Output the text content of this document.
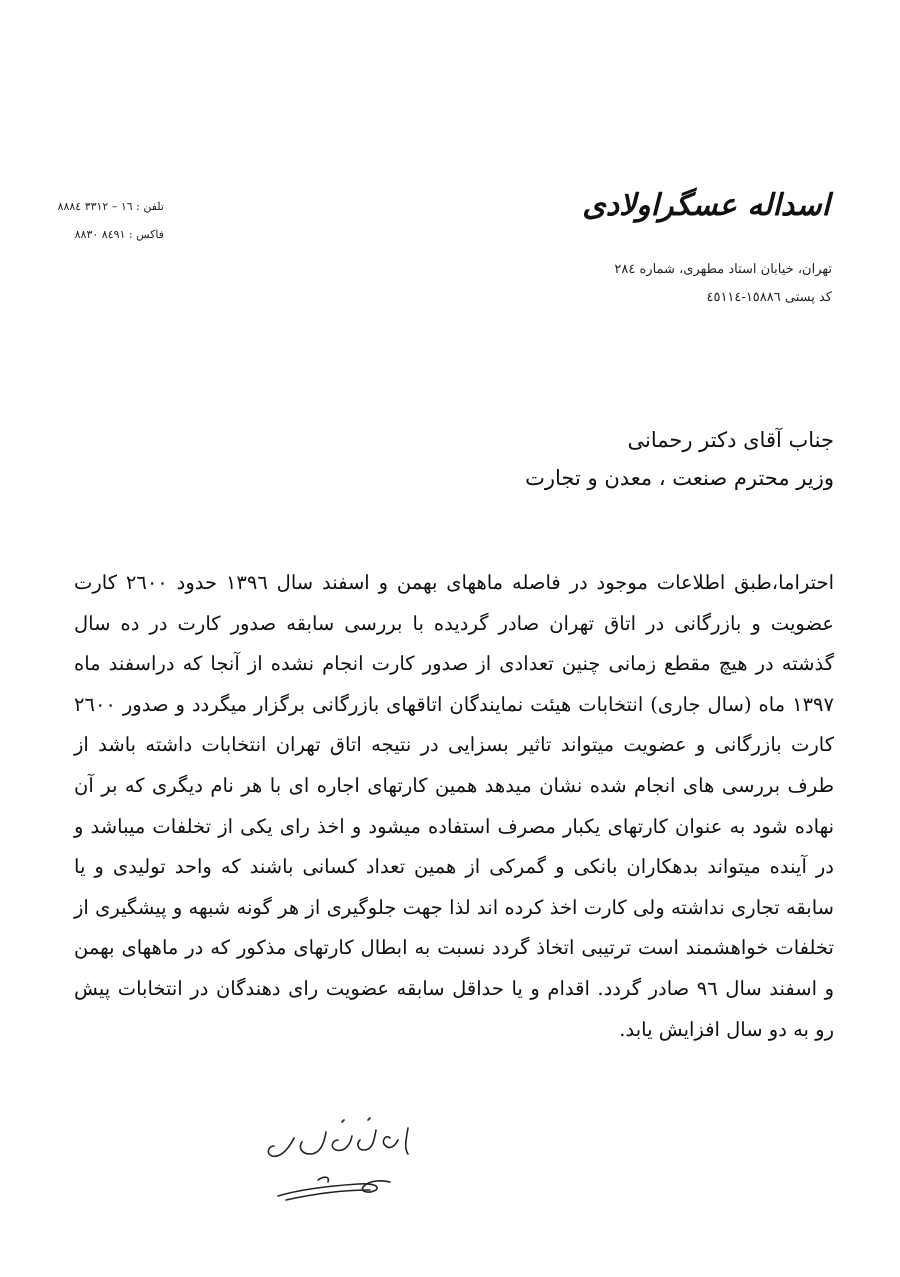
تلفن : ١٦ – ٣٣١٢ ٨٨٨٤
فاکس : ٨٤٩١ ٨٨٣٠
اسداله عسگراولادی
تهران، خیابان استاد مطهری، شماره ۲۸٤
کد پستی ١٥٨٨٦-٤٥١١٤
جناب آقای دکتر رحمانی
وزیر محترم صنعت ، معدن و تجارت
احتراما،طبق اطلاعات موجود در فاصله ماههای بهمن و اسفند سال ١٣٩٦ حدود ٢٦٠٠ کارت عضویت و بازرگانی در اتاق تهران صادر گردیده با بررسی سابقه صدور کارت در ده سال گذشته در هیچ مقطع زمانی چنین تعدادی از صدور کارت انجام نشده از آنجا که دراسفند ماه ١٣٩٧ ماه (سال جاری) انتخابات هیئت نمایندگان اتاقهای بازرگانی برگزار میگردد و صدور ٢٦٠٠ کارت بازرگانی و عضویت میتواند تاثیر بسزایی در نتیجه اتاق تهران انتخابات داشته باشد از طرف بررسی های انجام شده نشان میدهد همین کارتهای اجاره ای با هر نام دیگری که بر آن نهاده شود به عنوان کارتهای یکبار مصرف استفاده میشود و اخذ رای یکی از تخلفات میباشد و در آینده میتواند بدهکاران بانکی و گمرکی از همین تعداد کسانی باشند که واحد تولیدی و یا سابقه تجاری نداشته ولی کارت اخذ کرده اند لذا جهت جلوگیری از هر گونه شبهه و پیشگیری از تخلفات خواهشمند است ترتیبی اتخاذ گردد نسبت به ابطال کارتهای مذکور که در ماههای بهمن و اسفند سال ٩٦ صادر گردد. اقدام و یا حداقل سابقه عضویت رای دهندگان در انتخابات پیش رو به دو سال افزایش یابد.
